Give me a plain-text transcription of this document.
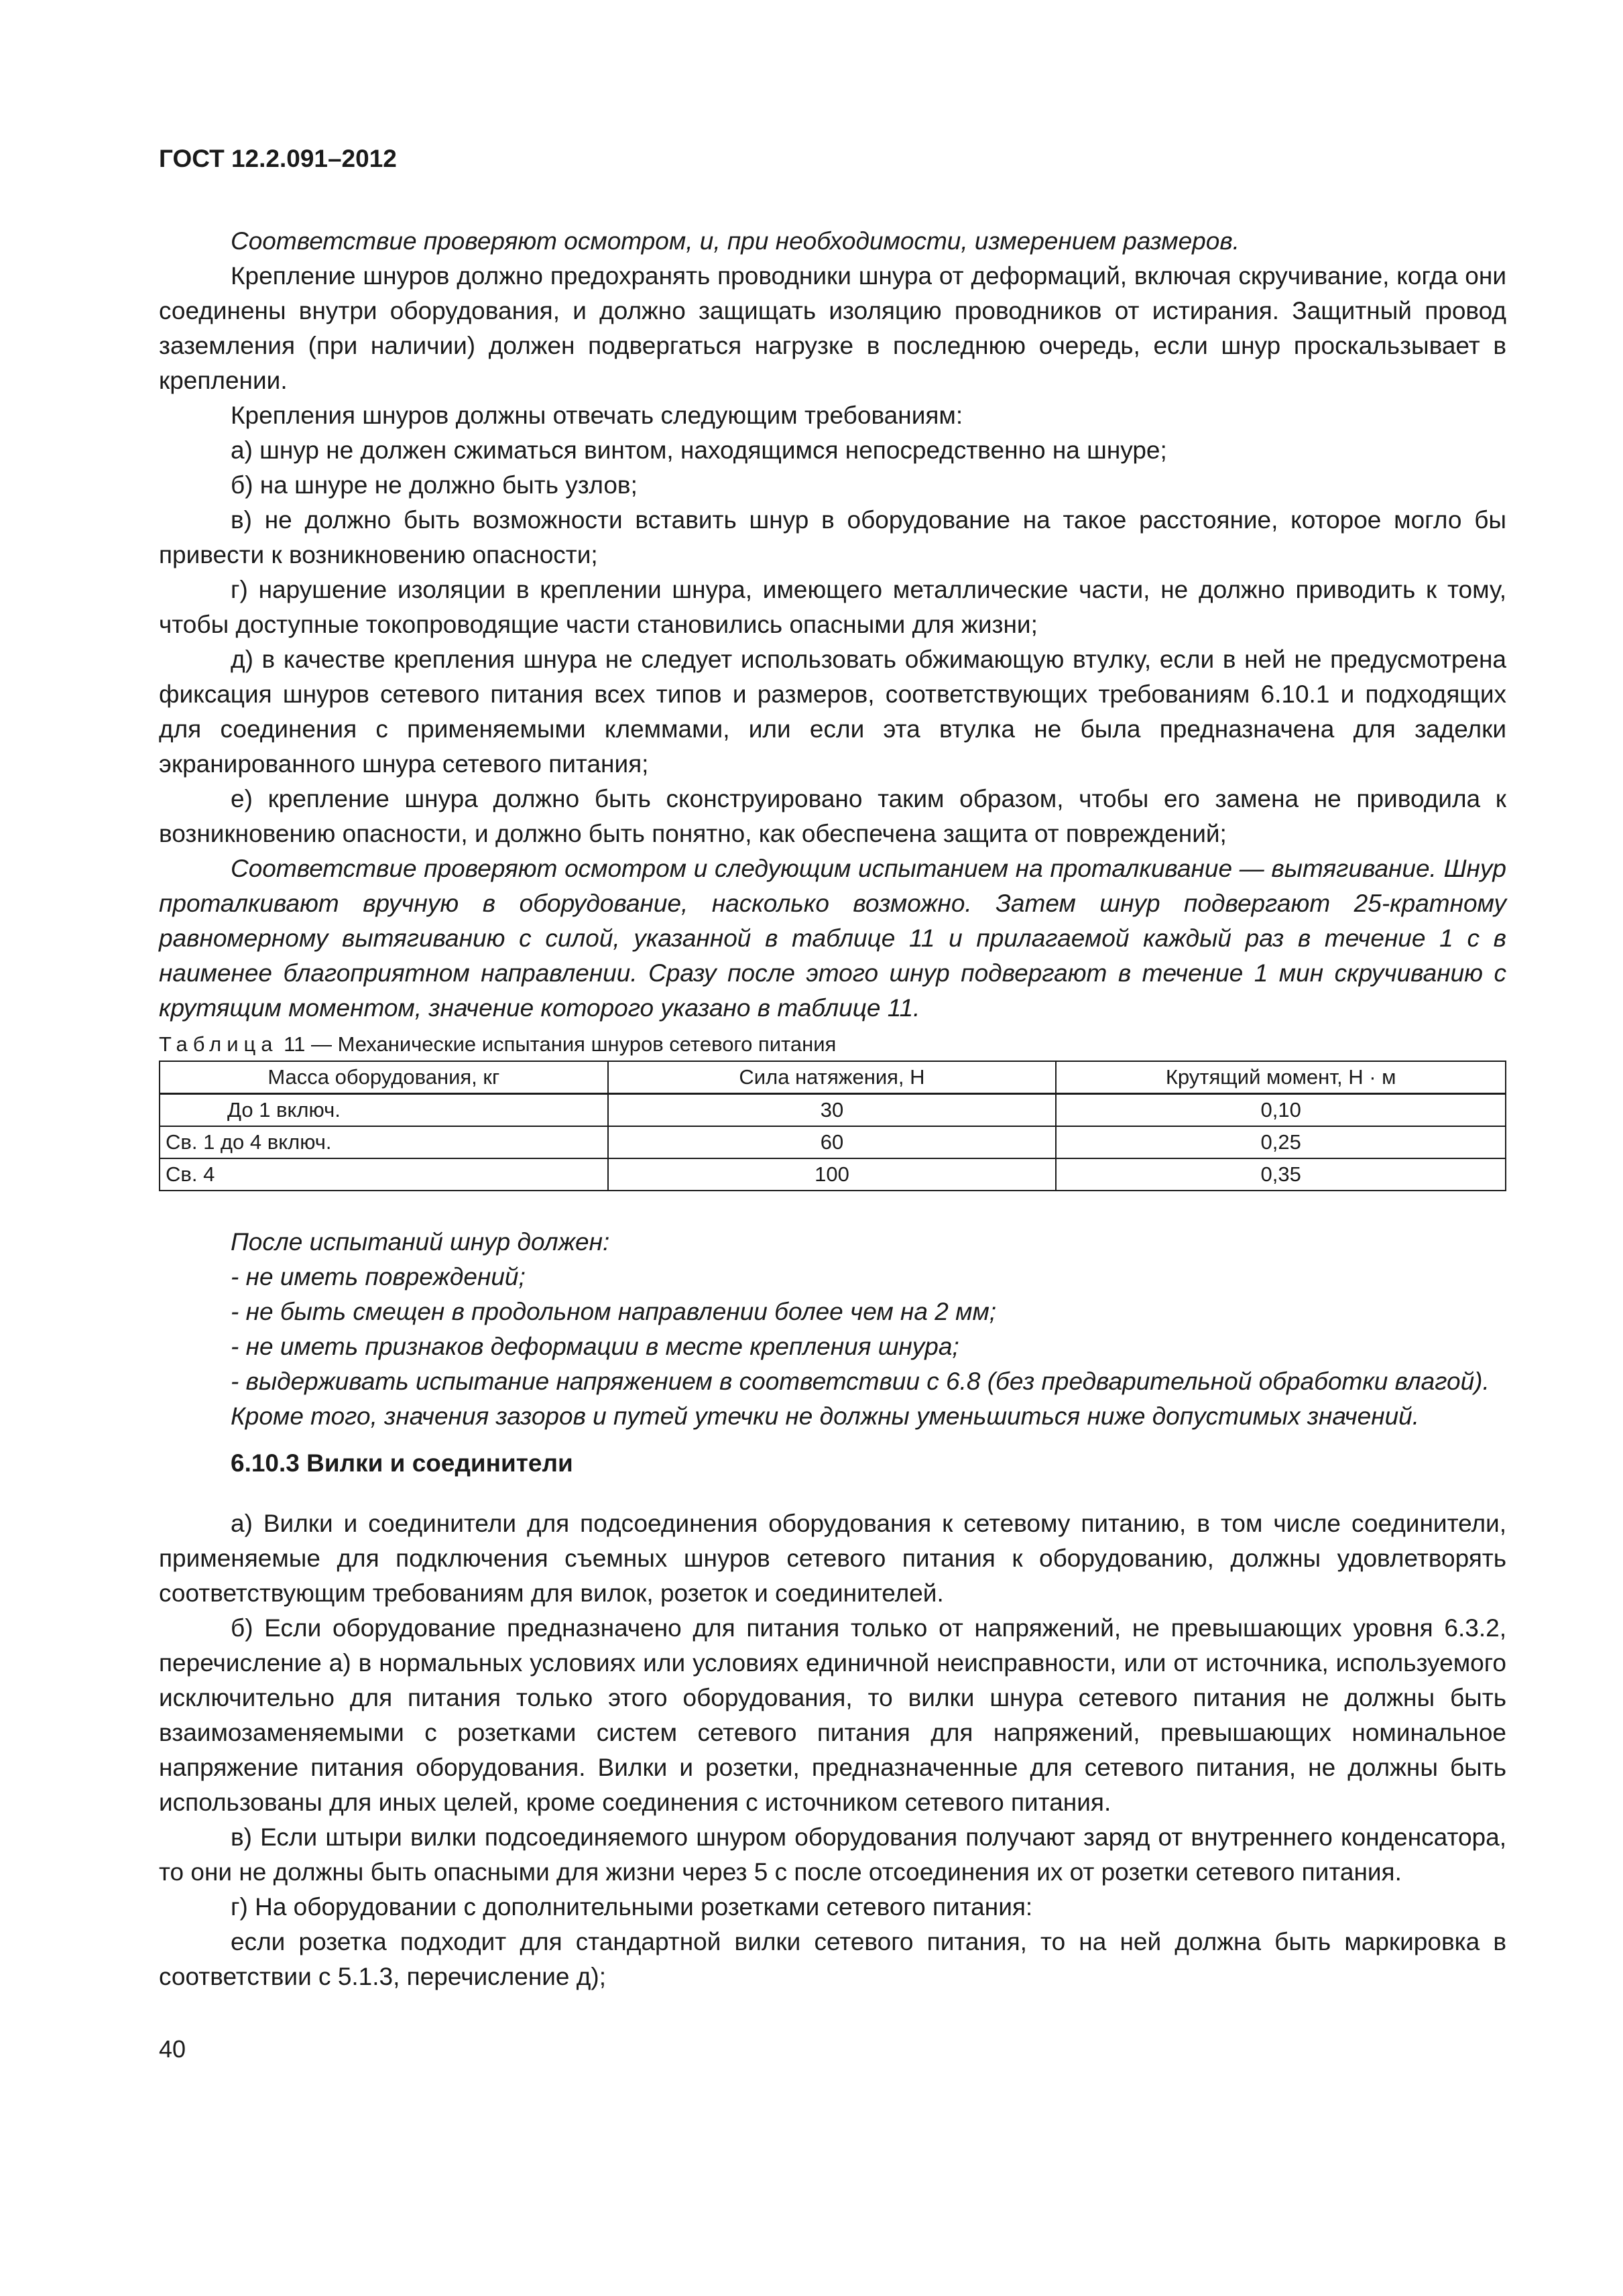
ГОСТ 12.2.091–2012

Соответствие проверяют осмотром, и, при необходимости, измерением размеров.

Крепление шнуров должно предохранять проводники шнура от деформаций, включая скручивание, когда они соединены внутри оборудования, и должно защищать изоляцию проводников от истирания. Защитный провод заземления (при наличии) должен подвергаться нагрузке в последнюю очередь, если шнур проскальзывает в креплении.

Крепления шнуров должны отвечать следующим требованиям:

а) шнур не должен сжиматься винтом, находящимся непосредственно на шнуре;

б) на шнуре не должно быть узлов;

в) не должно быть возможности вставить шнур в оборудование на такое расстояние, которое могло бы привести к возникновению опасности;

г) нарушение изоляции в креплении шнура, имеющего металлические части, не должно приводить к тому, чтобы доступные токопроводящие части становились опасными для жизни;

д) в качестве крепления шнура не следует использовать обжимающую втулку, если в ней не предусмотрена фиксация шнуров сетевого питания всех типов и размеров, соответствующих требованиям 6.10.1 и подходящих для соединения с применяемыми клеммами, или если эта втулка не была предназначена для заделки экранированного шнура сетевого питания;

е) крепление шнура должно быть сконструировано таким образом, чтобы его замена не приводила к возникновению опасности, и должно быть понятно, как обеспечена защита от повреждений;

Соответствие проверяют осмотром и следующим испытанием на проталкивание — вытягивание. Шнур проталкивают вручную в оборудование, насколько возможно. Затем шнур подвергают 25-кратному равномерному вытягиванию с силой, указанной в таблице 11 и прилагаемой каждый раз в течение 1 с в наименее благоприятном направлении. Сразу после этого шнур подвергают в течение 1 мин скручиванию с крутящим моментом, значение которого указано в таблице 11.

Таблица 11 — Механические испытания шнуров сетевого питания
Масса оборудования, кг	Сила натяжения, Н	Крутящий момент, Н · м
До 1 включ.	30	0,10
Св. 1 до 4 включ.	60	0,25
Св. 4	100	0,35

После испытаний шнур должен:

- не иметь повреждений;

- не быть смещен в продольном направлении более чем на 2 мм;

- не иметь признаков деформации в месте крепления шнура;

- выдерживать испытание напряжением в соответствии с 6.8 (без предварительной обработки влагой).

Кроме того, значения зазоров и путей утечки не должны уменьшиться ниже допустимых значений.

6.10.3 Вилки и соединители

а) Вилки и соединители для подсоединения оборудования к сетевому питанию, в том числе соединители, применяемые для подключения съемных шнуров сетевого питания к оборудованию, должны удовлетворять соответствующим требованиям для вилок, розеток и соединителей.

б) Если оборудование предназначено для питания только от напряжений, не превышающих уровня 6.3.2, перечисление а) в нормальных условиях или условиях единичной неисправности, или от источника, используемого исключительно для питания только этого оборудования, то вилки шнура сетевого питания не должны быть взаимозаменяемыми с розетками систем сетевого питания для напряжений, превышающих номинальное напряжение питания оборудования. Вилки и розетки, предназначенные для сетевого питания, не должны быть использованы для иных целей, кроме соединения с источником сетевого питания.

в) Если штыри вилки подсоединяемого шнуром оборудования получают заряд от внутреннего конденсатора, то они не должны быть опасными для жизни через 5 с после отсоединения их от розетки сетевого питания.

г) На оборудовании с дополнительными розетками сетевого питания:

если розетка подходит для стандартной вилки сетевого питания, то на ней должна быть маркировка в соответствии с 5.1.3, перечисление д);

40
